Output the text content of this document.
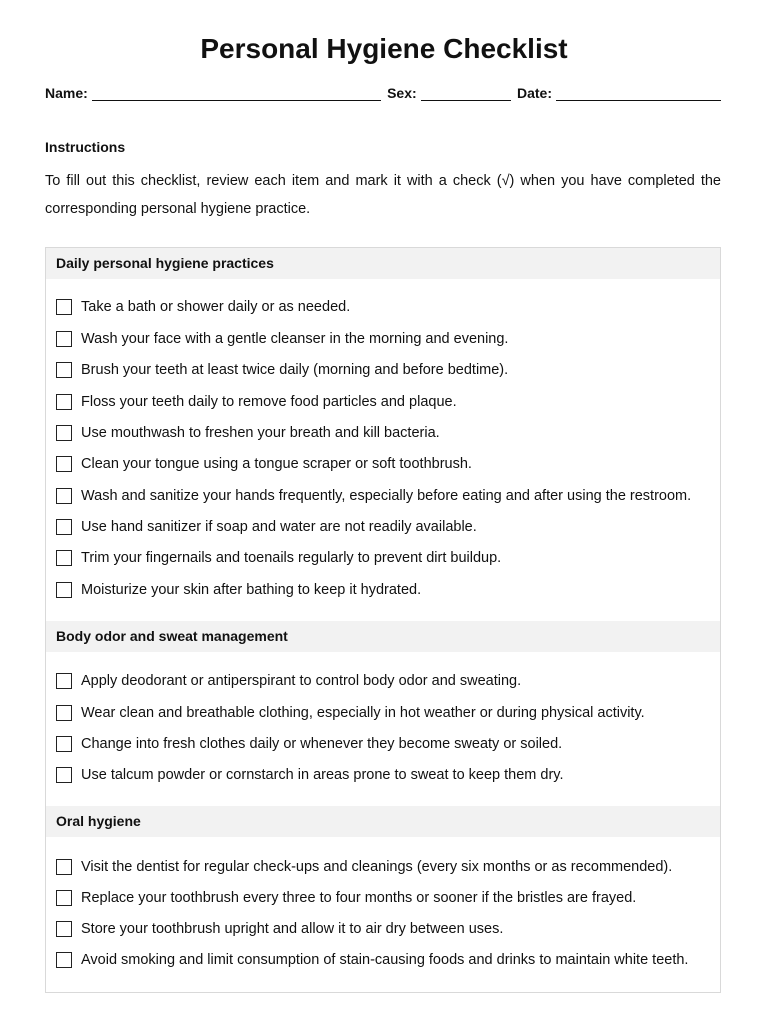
Personal Hygiene Checklist
Name:	Sex:	Date:
Instructions

To fill out this checklist, review each item and mark it with a check (√) when you have completed the corresponding personal hygiene practice.

Daily personal hygiene practices
Take a bath or shower daily or as needed.
Wash your face with a gentle cleanser in the morning and evening.
Brush your teeth at least twice daily (morning and before bedtime).
Floss your teeth daily to remove food particles and plaque.
Use mouthwash to freshen your breath and kill bacteria.
Clean your tongue using a tongue scraper or soft toothbrush.
Wash and sanitize your hands frequently, especially before eating and after using the restroom.
Use hand sanitizer if soap and water are not readily available.
Trim your fingernails and toenails regularly to prevent dirt buildup.
Moisturize your skin after bathing to keep it hydrated.
Body odor and sweat management
Apply deodorant or antiperspirant to control body odor and sweating.
Wear clean and breathable clothing, especially in hot weather or during physical activity.
Change into fresh clothes daily or whenever they become sweaty or soiled.
Use talcum powder or cornstarch in areas prone to sweat to keep them dry.
Oral hygiene
Visit the dentist for regular check-ups and cleanings (every six months or as recommended).
Replace your toothbrush every three to four months or sooner if the bristles are frayed.
Store your toothbrush upright and allow it to air dry between uses.
Avoid smoking and limit consumption of stain-causing foods and drinks to maintain white teeth.
